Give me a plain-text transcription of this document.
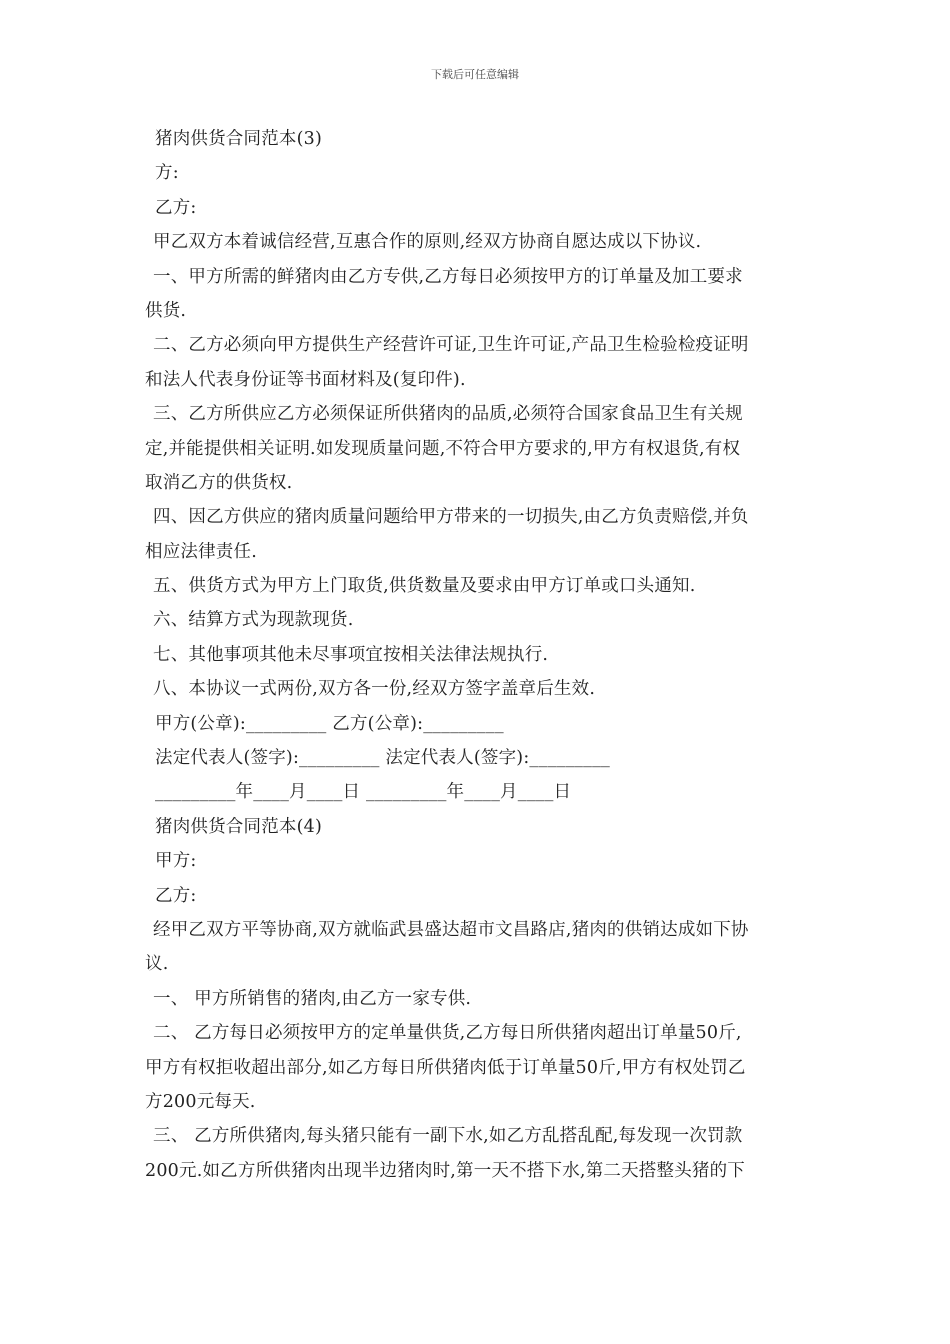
下载后可任意编辑
猪肉供货合同范本(3)
方:
乙方:
甲乙双方本着诚信经营,互惠合作的原则,经双方协商自愿达成以下协议.
一、甲方所需的鲜猪肉由乙方专供,乙方每日必须按甲方的订单量及加工要求
供货.
二、乙方必须向甲方提供生产经营许可证,卫生许可证,产品卫生检验检疫证明
和法人代表身份证等书面材料及(复印件).
三、乙方所供应乙方必须保证所供猪肉的品质,必须符合国家食品卫生有关规
定,并能提供相关证明.如发现质量问题,不符合甲方要求的,甲方有权退货,有权
取消乙方的供货权.
四、因乙方供应的猪肉质量问题给甲方带来的一切损失,由乙方负责赔偿,并负
相应法律责任.
五、供货方式为甲方上门取货,供货数量及要求由甲方订单或口头通知.
六、结算方式为现款现货.
七、其他事项其他未尽事项宜按相关法律法规执行.
八、本协议一式两份,双方各一份,经双方签字盖章后生效.
甲方(公章):_________ 乙方(公章):_________
法定代表人(签字):_________ 法定代表人(签字):_________
_________年____月____日 _________年____月____日
猪肉供货合同范本(4)
甲方:
乙方:
经甲乙双方平等协商,双方就临武县盛达超市文昌路店,猪肉的供销达成如下协
议.
一、 甲方所销售的猪肉,由乙方一家专供.
二、 乙方每日必须按甲方的定单量供货,乙方每日所供猪肉超出订单量50斤,
甲方有权拒收超出部分,如乙方每日所供猪肉低于订单量50斤,甲方有权处罚乙
方200元每天.
三、 乙方所供猪肉,每头猪只能有一副下水,如乙方乱搭乱配,每发现一次罚款
200元.如乙方所供猪肉出现半边猪肉时,第一天不搭下水,第二天搭整头猪的下
